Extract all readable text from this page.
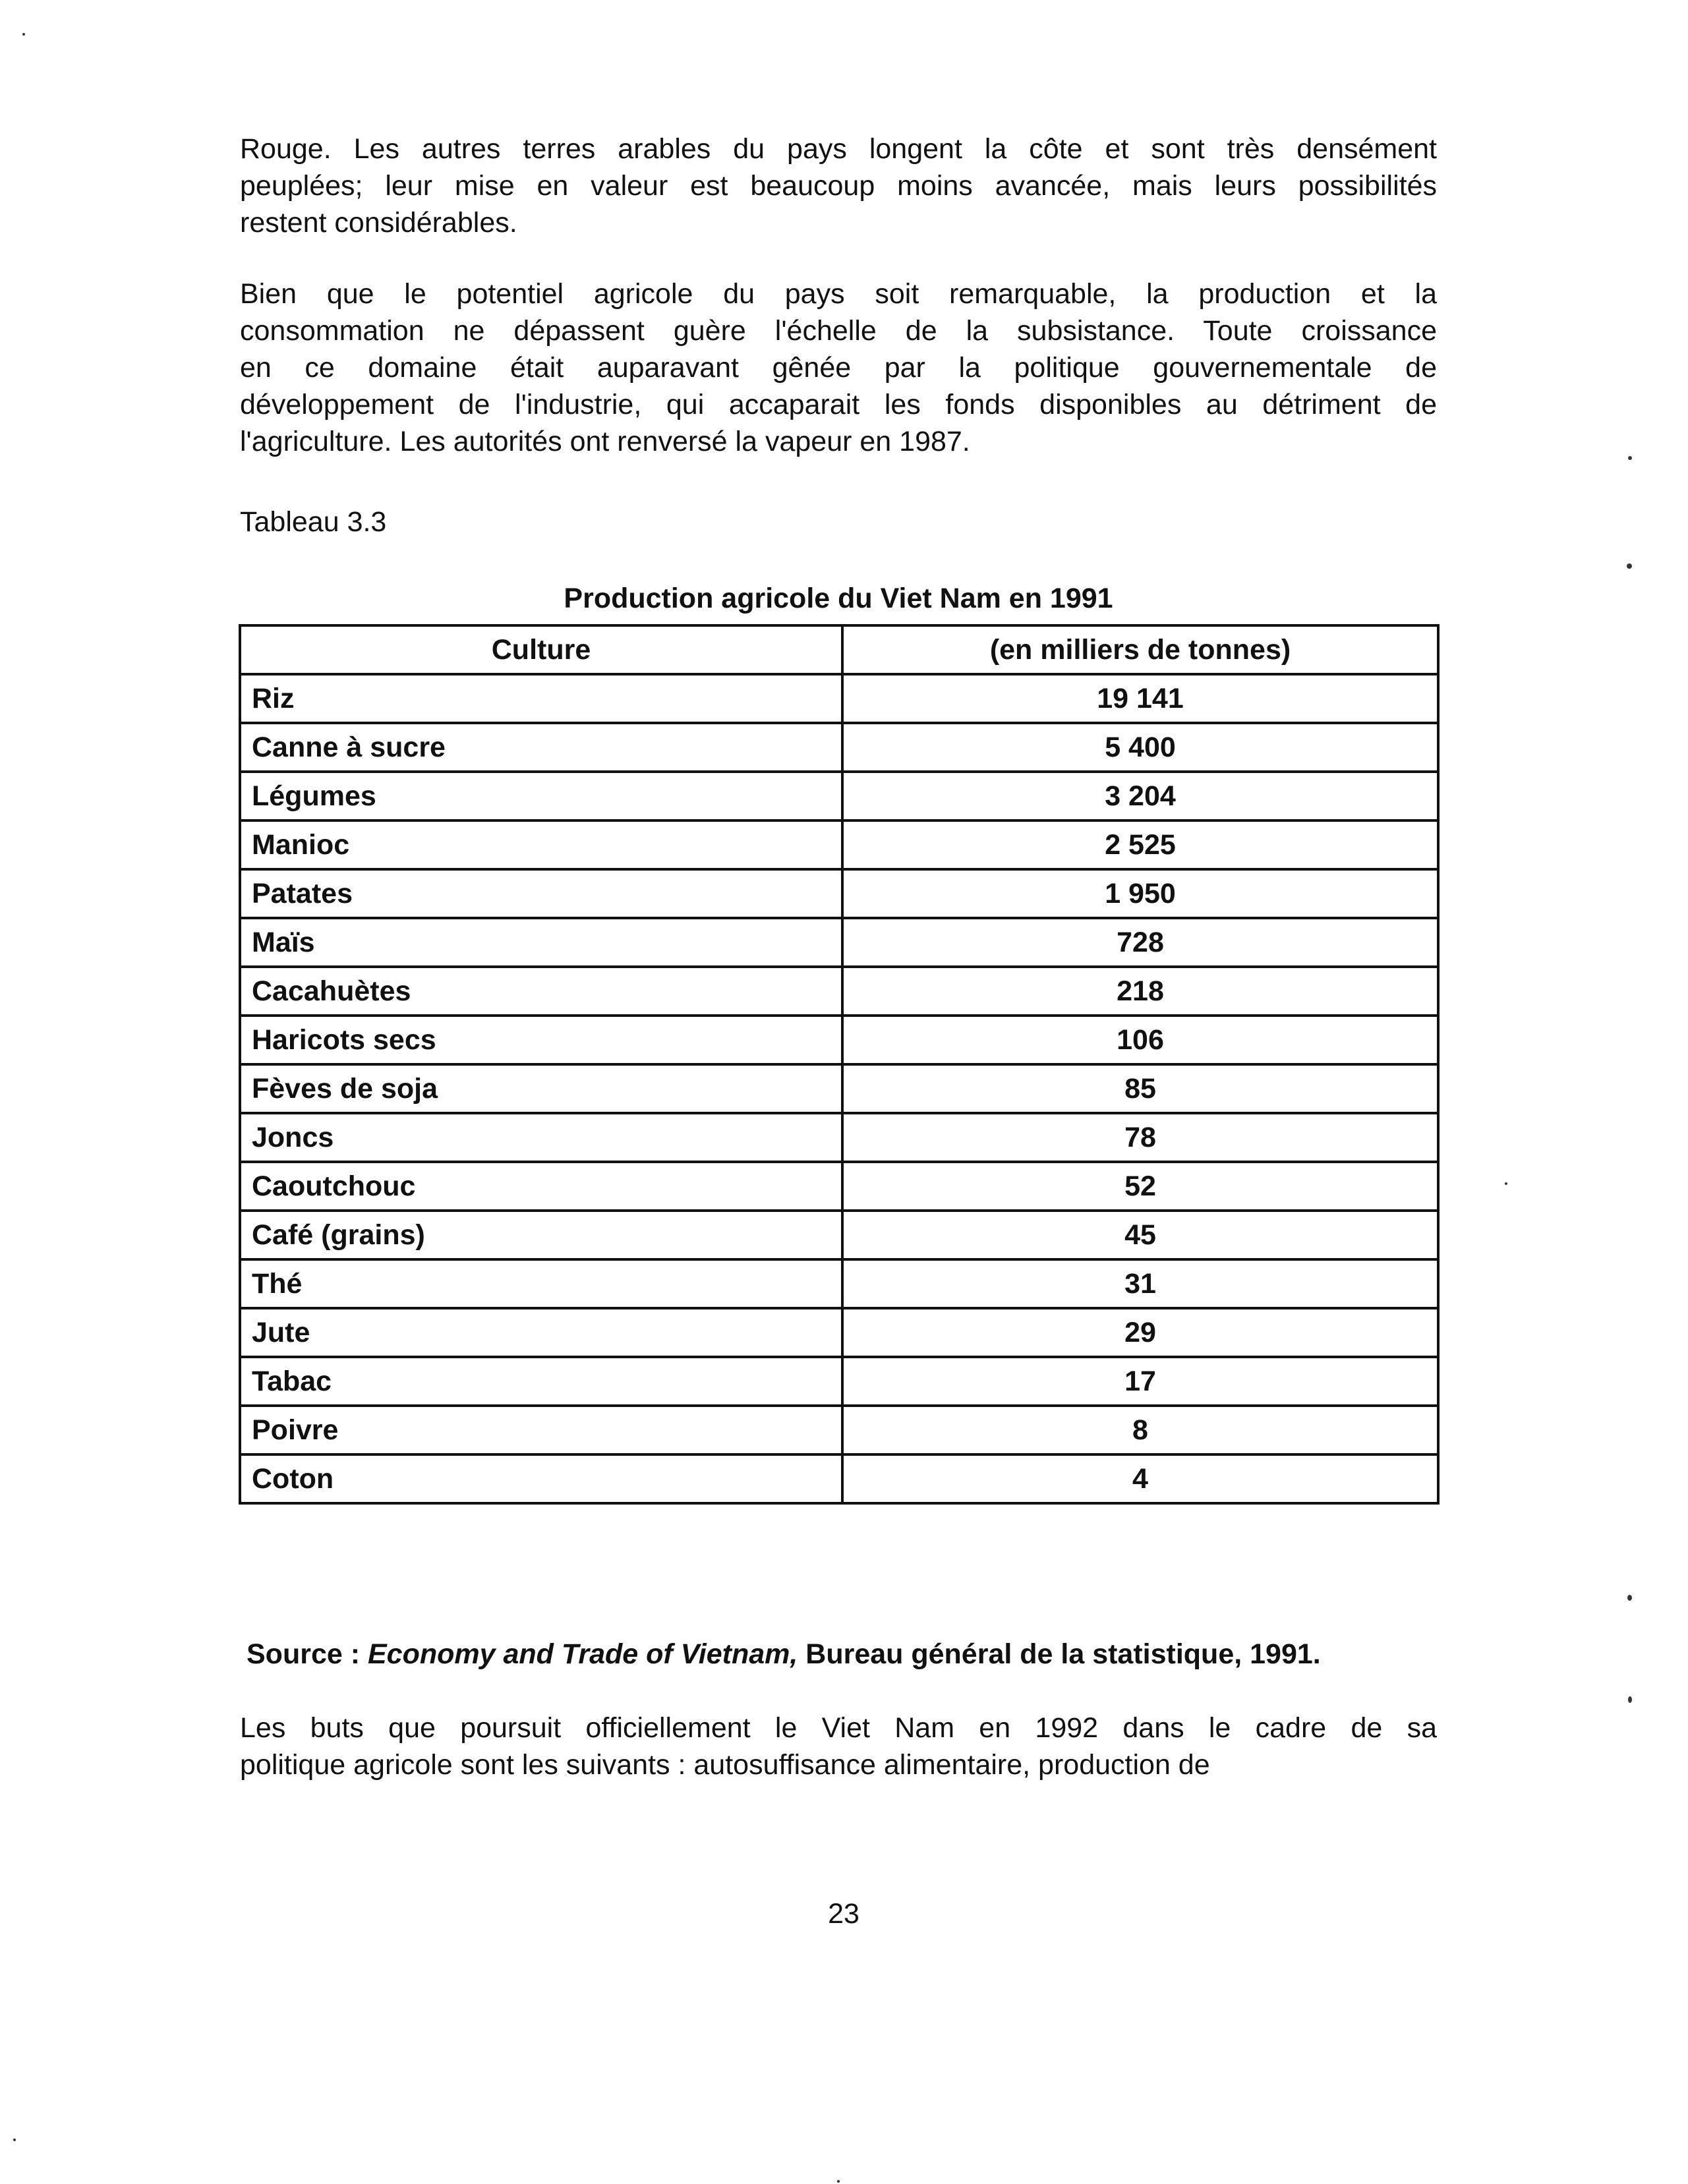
Rouge. Les autres terres arables du pays longent la côte et sont très densément
peuplées; leur mise en valeur est beaucoup moins avancée, mais leurs possibilités
restent considérables.

Bien que le potentiel agricole du pays soit remarquable, la production et la
consommation ne dépassent guère l'échelle de la subsistance. Toute croissance
en ce domaine était auparavant gênée par la politique gouvernementale de
développement de l'industrie, qui accaparait les fonds disponibles au détriment de
l'agriculture. Les autorités ont renversé la vapeur en 1987.

Tableau 3.3

Production agricole du Viet Nam en 1991

Culture	(en milliers de tonnes)
Riz	19 141
Canne à sucre	5 400
Légumes	3 204
Manioc	2 525
Patates	1 950
Maïs	728
Cacahuètes	218
Haricots secs	106
Fèves de soja	85
Joncs	78
Caoutchouc	52
Café (grains)	45
Thé	31
Jute	29
Tabac	17
Poivre	8
Coton	4

Source : Economy and Trade of Vietnam, Bureau général de la statistique, 1991.

Les buts que poursuit officiellement le Viet Nam en 1992 dans le cadre de sa
politique agricole sont les suivants : autosuffisance alimentaire, production de

23
